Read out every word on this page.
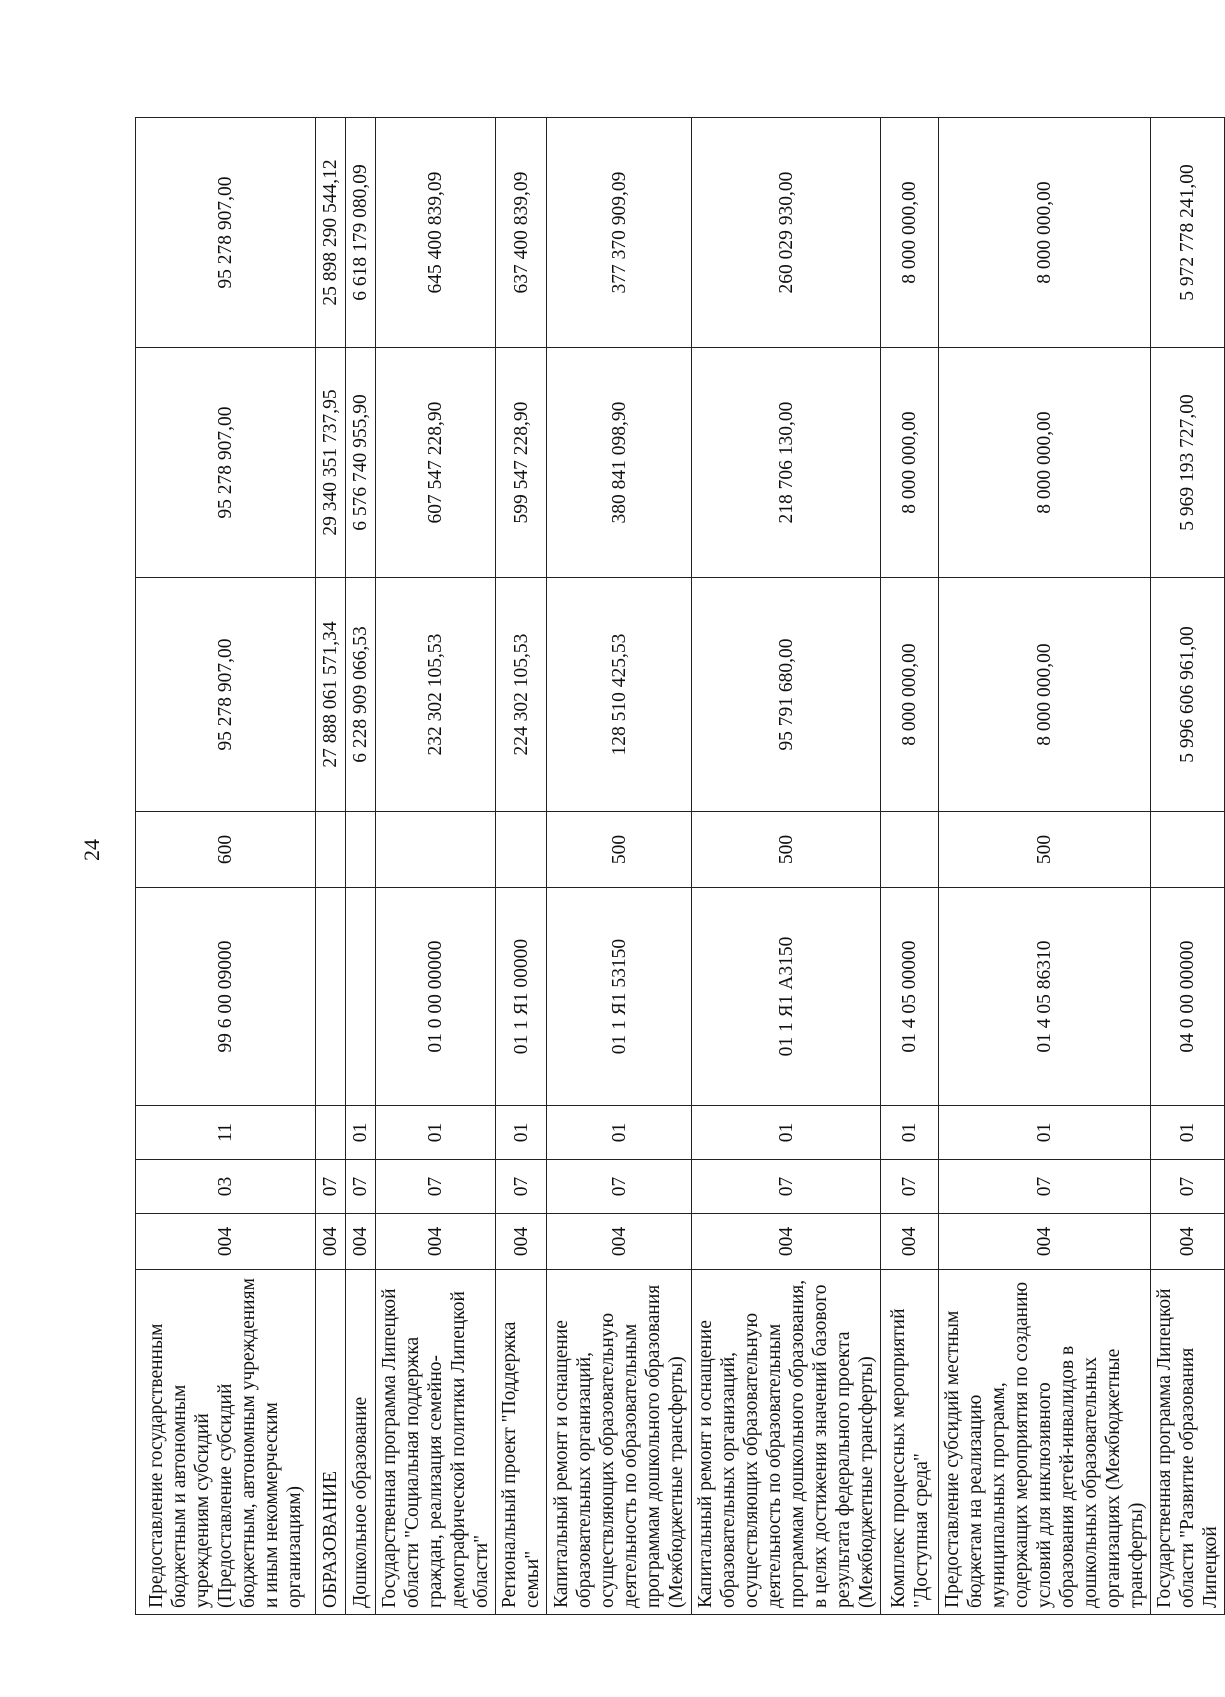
24
Предоставление государственным бюджетным и автономным учреждениям субсидий (Предоставление субсидий бюджетным, автономным учреждениям и иным некоммерческим организациям)	004	03	11	99 6 00 09000	600	95 278 907,00	95 278 907,00	95 278 907,00
ОБРАЗОВАНИЕ	004	07				27 888 061 571,34	29 340 351 737,95	25 898 290 544,12
Дошкольное образование	004	07	01			6 228 909 066,53	6 576 740 955,90	6 618 179 080,09
Государственная программа Липецкой области "Социальная поддержка граждан, реализация семейно-демографической политики Липецкой области"	004	07	01	01 0 00 00000		232 302 105,53	607 547 228,90	645 400 839,09
Региональный проект "Поддержка семьи"	004	07	01	01 1 Я1 00000		224 302 105,53	599 547 228,90	637 400 839,09
Капитальный ремонт и оснащение образовательных организаций, осуществляющих образовательную деятельность по образовательным программам дошкольного образования (Межбюджетные трансферты)	004	07	01	01 1 Я1 53150	500	128 510 425,53	380 841 098,90	377 370 909,09
Капитальный ремонт и оснащение образовательных организаций, осуществляющих образовательную деятельность по образовательным программам дошкольного образования, в целях достижения значений базового результата федерального проекта (Межбюджетные трансферты)	004	07	01	01 1 Я1 А3150	500	95 791 680,00	218 706 130,00	260 029 930,00
Комплекс процессных мероприятий "Доступная среда"	004	07	01	01 4 05 00000		8 000 000,00	8 000 000,00	8 000 000,00
Предоставление субсидий местным бюджетам на реализацию муниципальных программ, содержащих мероприятия по созданию условий для инклюзивного образования детей-инвалидов в дошкольных образовательных организациях (Межбюджетные трансферты)	004	07	01	01 4 05 86310	500	8 000 000,00	8 000 000,00	8 000 000,00
Государственная программа Липецкой области "Развитие образования Липецкой	004	07	01	04 0 00 00000		5 996 606 961,00	5 969 193 727,00	5 972 778 241,00
